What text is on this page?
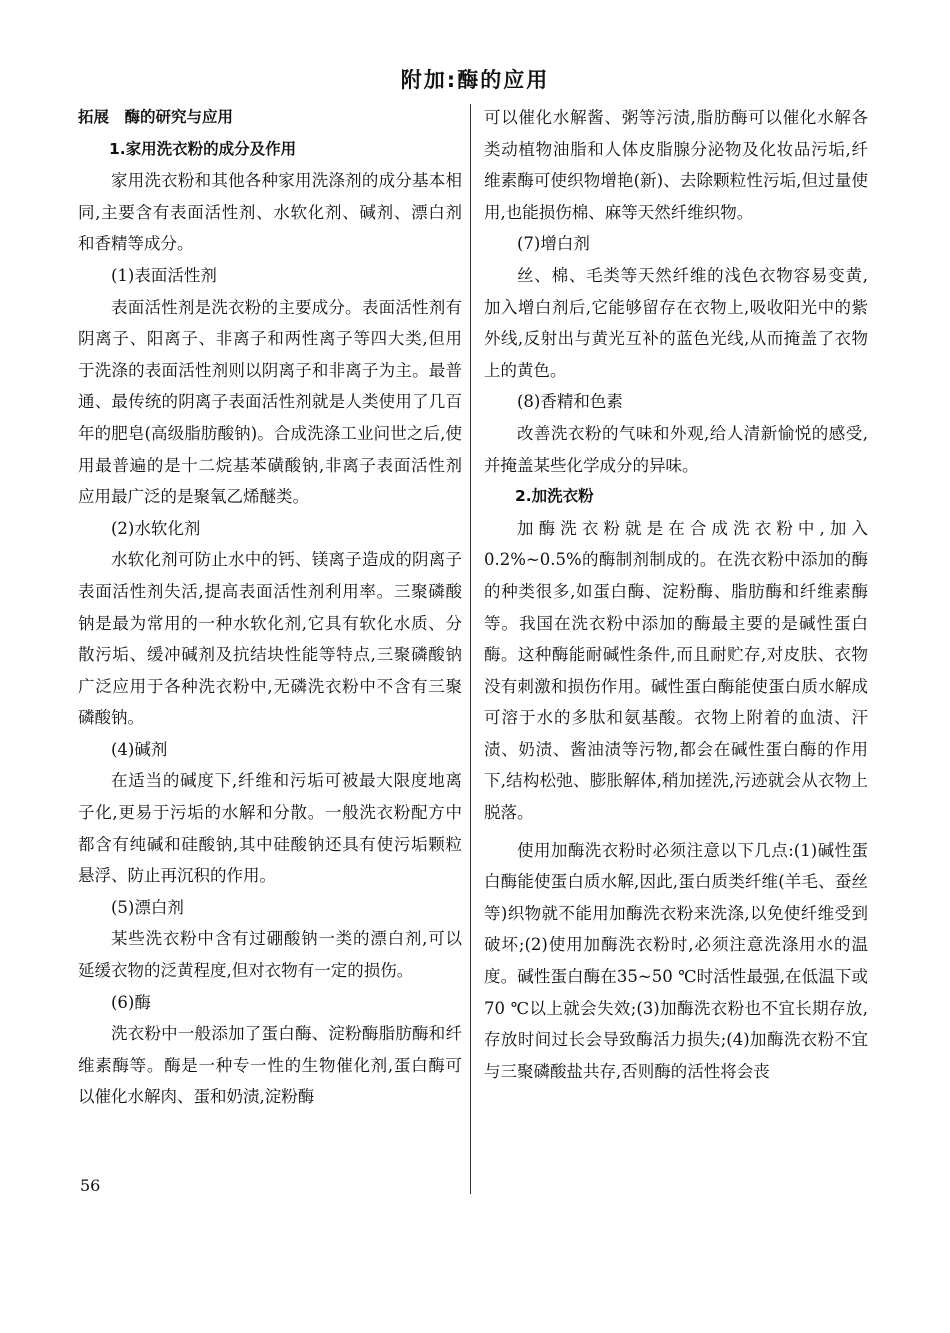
附加:酶的应用

拓展　酶的研究与应用

1.家用洗衣粉的成分及作用

家用洗衣粉和其他各种家用洗涤剂的成分基本相同,主要含有表面活性剂、水软化剂、碱剂、漂白剂和香精等成分。

(1)表面活性剂

表面活性剂是洗衣粉的主要成分。表面活性剂有阴离子、阳离子、非离子和两性离子等四大类,但用于洗涤的表面活性剂则以阴离子和非离子为主。最普通、最传统的阴离子表面活性剂就是人类使用了几百年的肥皂(高级脂肪酸钠)。合成洗涤工业问世之后,使用最普遍的是十二烷基苯磺酸钠,非离子表面活性剂应用最广泛的是聚氧乙烯醚类。

(2)水软化剂

水软化剂可防止水中的钙、镁离子造成的阴离子表面活性剂失活,提高表面活性剂利用率。三聚磷酸钠是最为常用的一种水软化剂,它具有软化水质、分散污垢、缓冲碱剂及抗结块性能等特点,三聚磷酸钠广泛应用于各种洗衣粉中,无磷洗衣粉中不含有三聚磷酸钠。

(4)碱剂

在适当的碱度下,纤维和污垢可被最大限度地离子化,更易于污垢的水解和分散。一般洗衣粉配方中都含有纯碱和硅酸钠,其中硅酸钠还具有使污垢颗粒悬浮、防止再沉积的作用。

(5)漂白剂

某些洗衣粉中含有过硼酸钠一类的漂白剂,可以延缓衣物的泛黄程度,但对衣物有一定的损伤。

(6)酶

洗衣粉中一般添加了蛋白酶、淀粉酶脂肪酶和纤维素酶等。酶是一种专一性的生物催化剂,蛋白酶可以催化水解肉、蛋和奶渍,淀粉酶

可以催化水解酱、粥等污渍,脂肪酶可以催化水解各类动植物油脂和人体皮脂腺分泌物及化妆品污垢,纤维素酶可使织物增艳(新)、去除颗粒性污垢,但过量使用,也能损伤棉、麻等天然纤维织物。

(7)增白剂

丝、棉、毛类等天然纤维的浅色衣物容易变黄,加入增白剂后,它能够留存在衣物上,吸收阳光中的紫外线,反射出与黄光互补的蓝色光线,从而掩盖了衣物上的黄色。

(8)香精和色素

改善洗衣粉的气味和外观,给人清新愉悦的感受,并掩盖某些化学成分的异味。

2.加洗衣粉

加酶洗衣粉就是在合成洗衣粉中,加入0.2%~0.5%的酶制剂制成的。在洗衣粉中添加的酶的种类很多,如蛋白酶、淀粉酶、脂肪酶和纤维素酶等。我国在洗衣粉中添加的酶最主要的是碱性蛋白酶。这种酶能耐碱性条件,而且耐贮存,对皮肤、衣物没有刺激和损伤作用。碱性蛋白酶能使蛋白质水解成可溶于水的多肽和氨基酸。衣物上附着的血渍、汗渍、奶渍、酱油渍等污物,都会在碱性蛋白酶的作用下,结构松弛、膨胀解体,稍加搓洗,污迹就会从衣物上脱落。

使用加酶洗衣粉时必须注意以下几点:(1)碱性蛋白酶能使蛋白质水解,因此,蛋白质类纤维(羊毛、蚕丝等)织物就不能用加酶洗衣粉来洗涤,以免使纤维受到破坏;(2)使用加酶洗衣粉时,必须注意洗涤用水的温度。碱性蛋白酶在35~50 ℃时活性最强,在低温下或70 ℃以上就会失效;(3)加酶洗衣粉也不宜长期存放,存放时间过长会导致酶活力损失;(4)加酶洗衣粉不宜与三聚磷酸盐共存,否则酶的活性将会丧

56
